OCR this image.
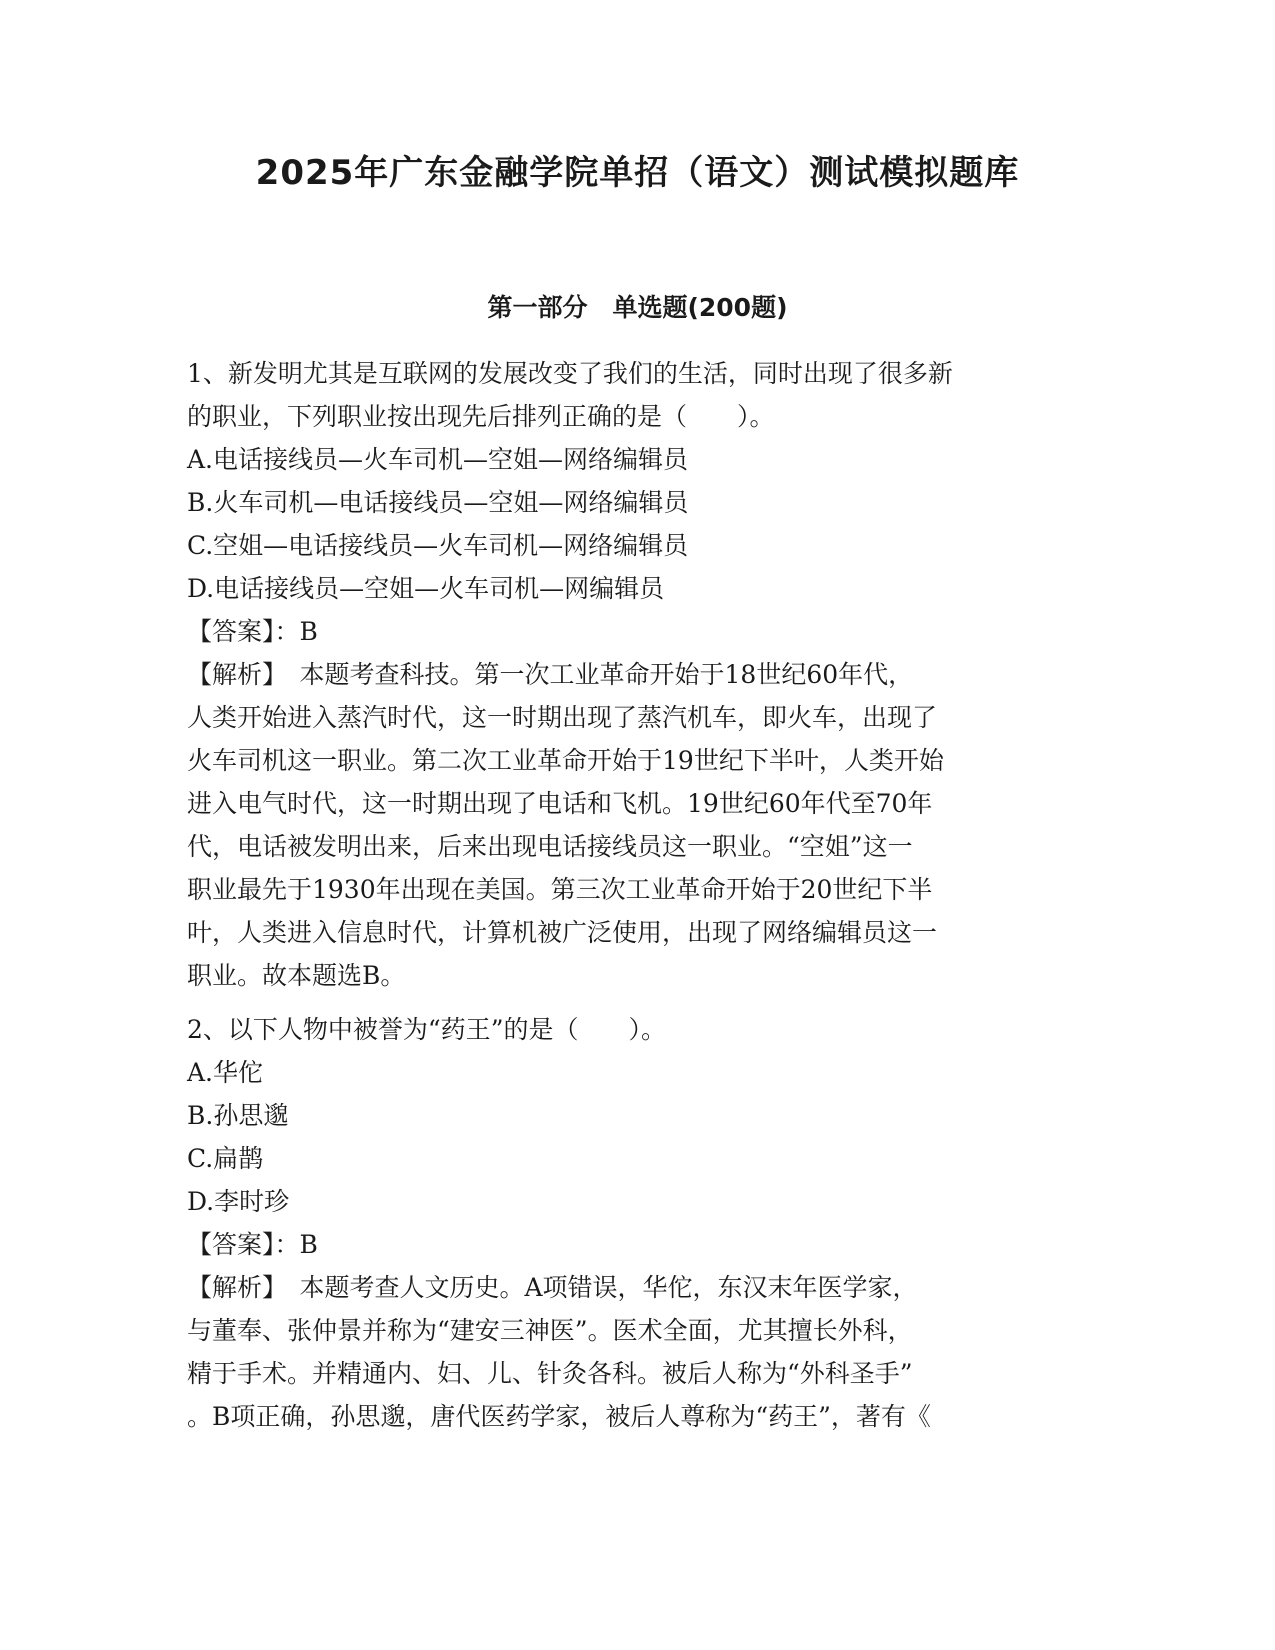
2025年广东金融学院单招（语文）测试模拟题库
第一部分　单选题(200题)

1、新发明尤其是互联网的发展改变了我们的生活，同时出现了很多新

的职业，下列职业按出现先后排列正确的是（　　）。

A.电话接线员—火车司机—空姐—网络编辑员

B.火车司机—电话接线员—空姐—网络编辑员

C.空姐—电话接线员—火车司机—网络编辑员

D.电话接线员—空姐—火车司机—网编辑员

【答案】：B

【解析】　本题考查科技。第一次工业革命开始于18世纪60年代，

人类开始进入蒸汽时代，这一时期出现了蒸汽机车，即火车，出现了

火车司机这一职业。第二次工业革命开始于19世纪下半叶，人类开始

进入电气时代，这一时期出现了电话和飞机。19世纪60年代至70年

代，电话被发明出来，后来出现电话接线员这一职业。“空姐”这一

职业最先于1930年出现在美国。第三次工业革命开始于20世纪下半

叶，人类进入信息时代，计算机被广泛使用，出现了网络编辑员这一

职业。故本题选B。

2、以下人物中被誉为“药王”的是（　　）。

A.华佗

B.孙思邈

C.扁鹊

D.李时珍

【答案】：B

【解析】　本题考查人文历史。A项错误，华佗，东汉末年医学家，

与董奉、张仲景并称为“建安三神医”。医术全面，尤其擅长外科，

精于手术。并精通内、妇、儿、针灸各科。被后人称为“外科圣手”

。B项正确，孙思邈，唐代医药学家，被后人尊称为“药王”，著有《
